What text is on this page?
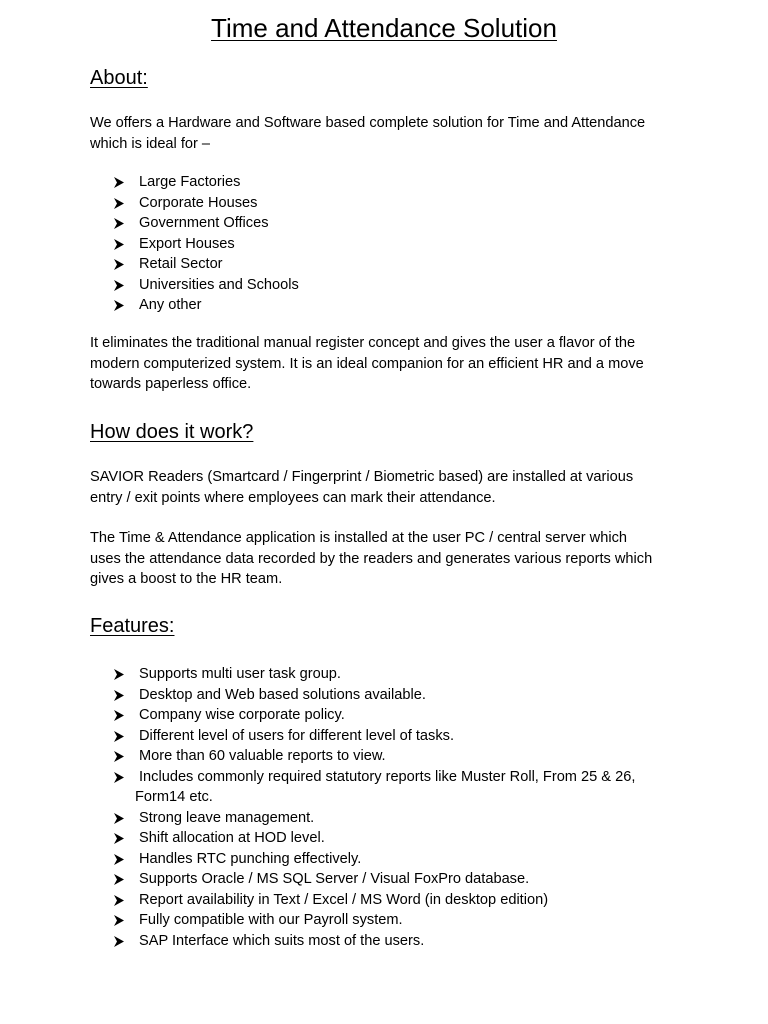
Time and Attendance Solution
About:

We offers a Hardware and Software based complete solution for Time and Attendance
which is ideal for –

Large Factories
Corporate Houses
Government Offices
Export Houses
Retail Sector
Universities and Schools
Any other

It eliminates the traditional manual register concept and gives the user a flavor of the
modern computerized system. It is an ideal companion for an efficient HR and a move
towards paperless office.

How does it work?

SAVIOR Readers (Smartcard / Fingerprint / Biometric based) are installed at various
entry / exit points where employees can mark their attendance.

The Time & Attendance application is installed at the user PC / central server which
uses the attendance data recorded by the readers and generates various reports which
gives a boost to the HR team.

Features:
Supports multi user task group.
Desktop and Web based solutions available.
Company wise corporate policy.
Different level of users for different level of tasks.
More than 60 valuable reports to view.
Includes commonly required statutory reports like Muster Roll, From 25 & 26,
Form14 etc.
Strong leave management.
Shift allocation at HOD level.
Handles RTC punching effectively.
Supports Oracle / MS SQL Server / Visual FoxPro database.
Report availability in Text / Excel / MS Word (in desktop edition)
Fully compatible with our Payroll system.
SAP Interface which suits most of the users.
